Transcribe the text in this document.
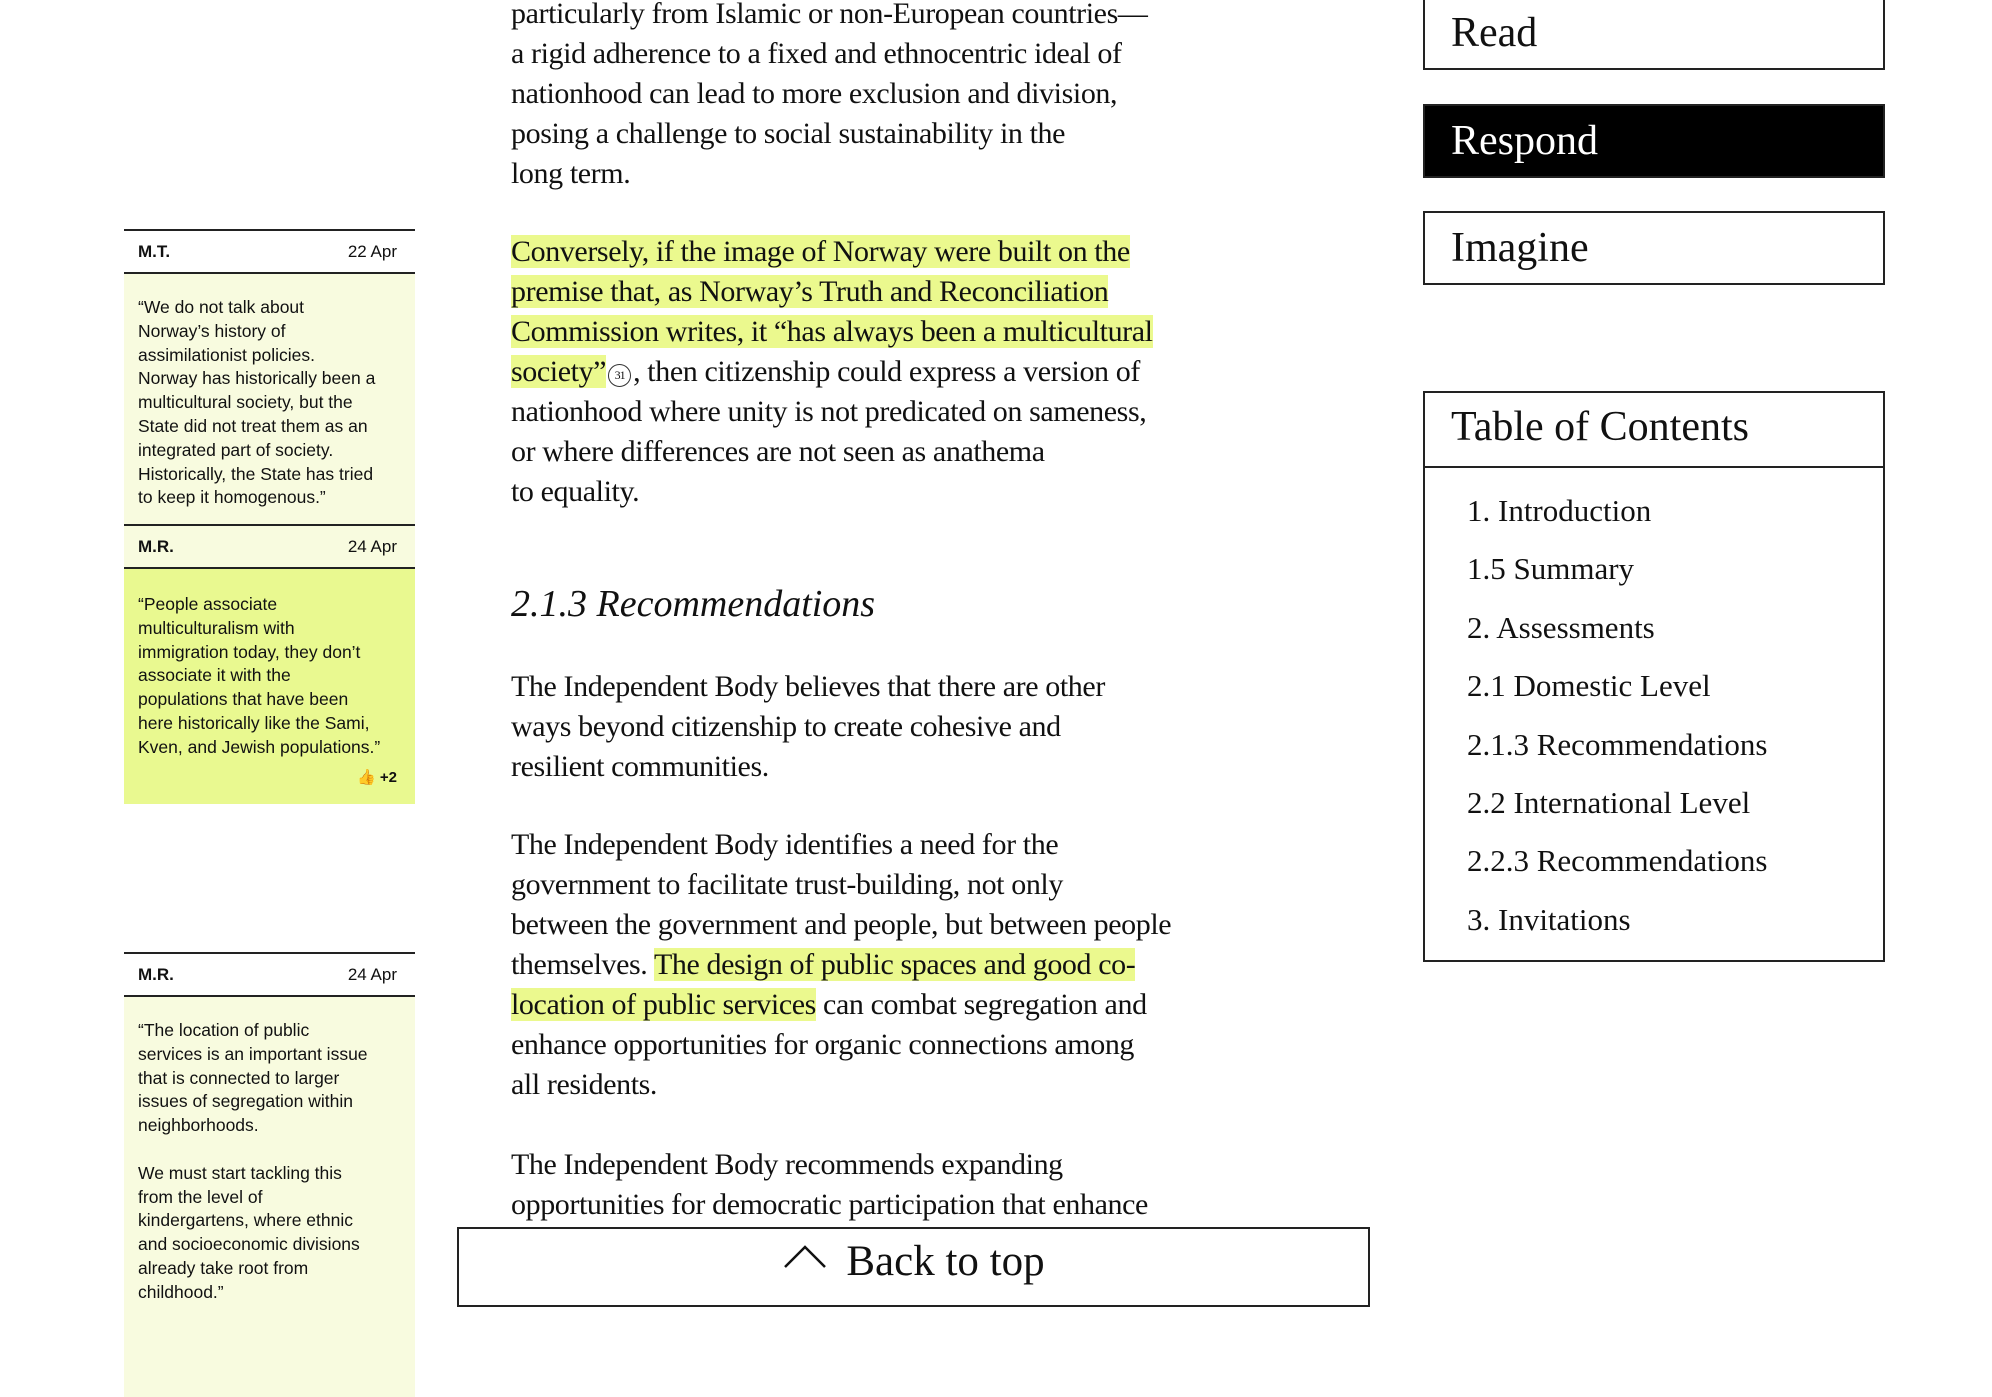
M.T.	22 Apr
“We do not talk about
Norway’s history of
assimilationist policies.
Norway has historically been a
multicultural society, but the
State did not treat them as an
integrated part of society.
Historically, the State has tried
to keep it homogenous.”
M.R.	24 Apr
“People associate
multiculturalism with
immigration today, they don’t
associate it with the
populations that have been
here historically like the Sami,
Kven, and Jewish populations.”
👍 +2
M.R.	24 Apr
“The location of public
services is an important issue
that is connected to larger
issues of segregation within
neighborhoods.

We must start tackling this
from the level of
kindergartens, where ethnic
and socioeconomic divisions
already take root from
childhood.”
particularly from Islamic or non-European countries—
a rigid adherence to a fixed and ethnocentric ideal of
nationhood can lead to more exclusion and division,
posing a challenge to social sustainability in the
long term.
Conversely, if the image of Norway were built on the
premise that, as Norway’s Truth and Reconciliation
Commission writes, it “has always been a multicultural
society” 31 , then citizenship could express a version of
nationhood where unity is not predicated on sameness,
or where differences are not seen as anathema
to equality.
2.1.3 Recommendations
The Independent Body believes that there are other
ways beyond citizenship to create cohesive and
resilient communities.
The Independent Body identifies a need for the
government to facilitate trust-building, not only
between the government and people, but between people
themselves. The design of public spaces and good co-
location of public services can combat segregation and
enhance opportunities for organic connections among
all residents.
The Independent Body recommends expanding
opportunities for democratic participation that enhance
Back to top
Read
Respond
Imagine
Table of Contents
1. Introduction
1.5 Summary
2. Assessments
2.1 Domestic Level
2.1.3 Recommendations
2.2 International Level
2.2.3 Recommendations
3. Invitations
